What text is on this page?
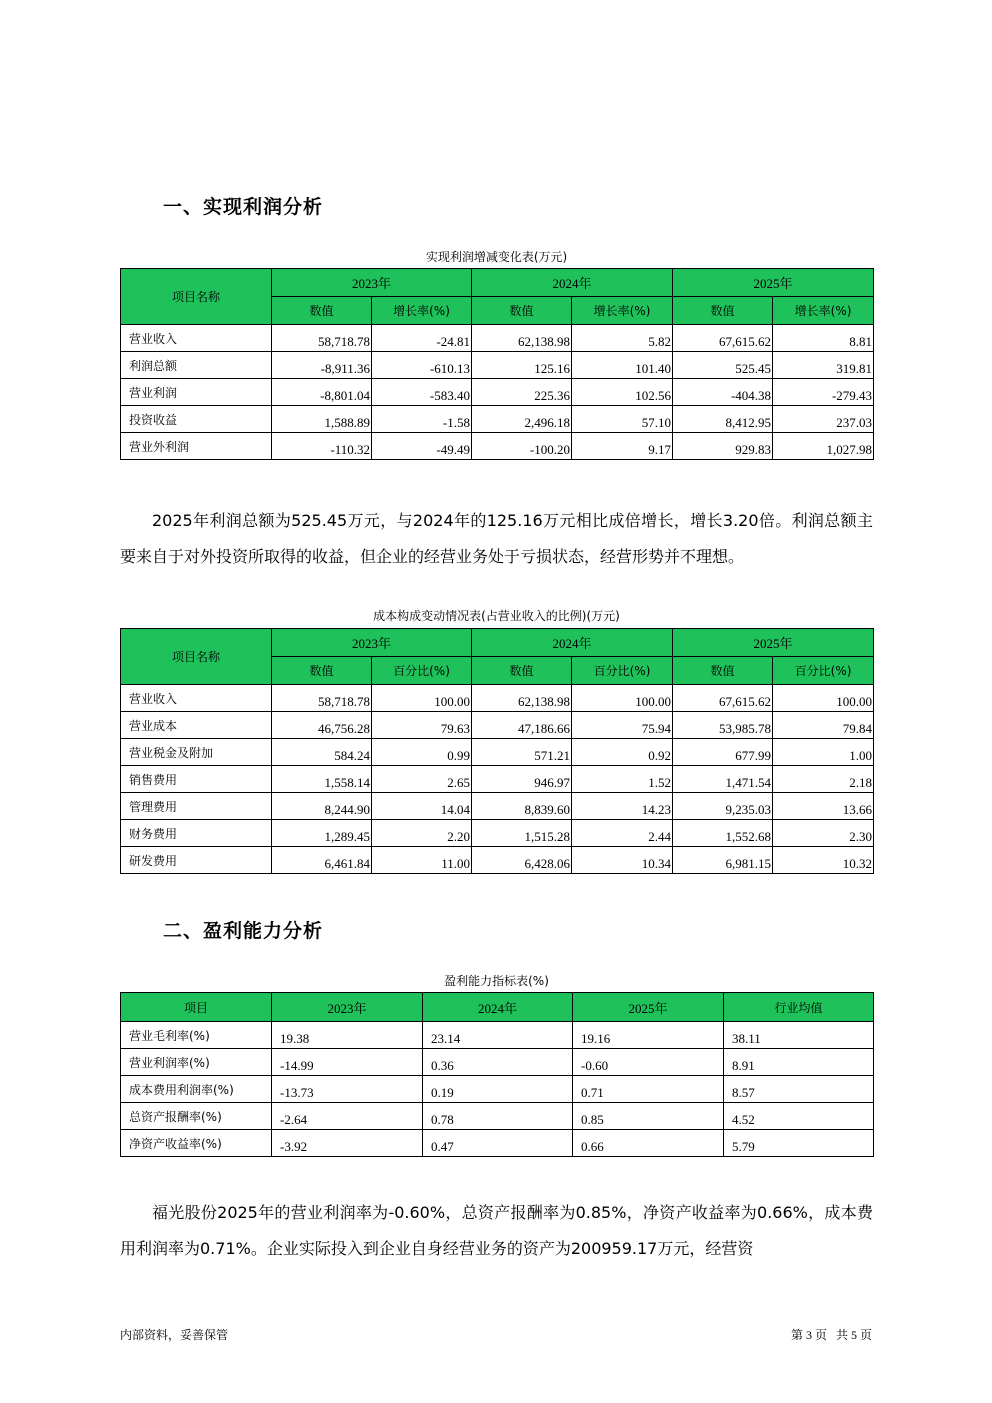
一、实现利润分析
实现利润增减变化表(万元)
项目名称	2023年		2024年		2025年	
	数值	增长率(%)	数值	增长率(%)	数值	增长率(%)
营业收入	58,718.78	-24.81	62,138.98	5.82	67,615.62	8.81
利润总额	-8,911.36	-610.13	125.16	101.40	525.45	319.81
营业利润	-8,801.04	-583.40	225.36	102.56	-404.38	-279.43
投资收益	1,588.89	-1.58	2,496.18	57.10	8,412.95	237.03
营业外利润	-110.32	-49.49	-100.20	9.17	929.83	1,027.98
2025年利润总额为525.45万元，与2024年的125.16万元相比成倍增长，增长3.20倍。利润总额主要来自于对外投资所取得的收益，但企业的经营业务处于亏损状态，经营形势并不理想。
成本构成变动情况表(占营业收入的比例)(万元)
项目名称	2023年		2024年		2025年	
	数值	百分比(%)	数值	百分比(%)	数值	百分比(%)
营业收入	58,718.78	100.00	62,138.98	100.00	67,615.62	100.00
营业成本	46,756.28	79.63	47,186.66	75.94	53,985.78	79.84
营业税金及附加	584.24	0.99	571.21	0.92	677.99	1.00
销售费用	1,558.14	2.65	946.97	1.52	1,471.54	2.18
管理费用	8,244.90	14.04	8,839.60	14.23	9,235.03	13.66
财务费用	1,289.45	2.20	1,515.28	2.44	1,552.68	2.30
研发费用	6,461.84	11.00	6,428.06	10.34	6,981.15	10.32
二、盈利能力分析
盈利能力指标表(%)
项目	2023年	2024年	2025年	行业均值
营业毛利率(%)	19.38	23.14	19.16	38.11
营业利润率(%)	-14.99	0.36	-0.60	8.91
成本费用利润率(%)	-13.73	0.19	0.71	8.57
总资产报酬率(%)	-2.64	0.78	0.85	4.52
净资产收益率(%)	-3.92	0.47	0.66	5.79
福光股份2025年的营业利润率为-0.60%，总资产报酬率为0.85%，净资产收益率为0.66%，成本费用利润率为0.71%。企业实际投入到企业自身经营业务的资产为200959.17万元，经营资
内部资料，妥善保管	第 3 页   共 5 页
